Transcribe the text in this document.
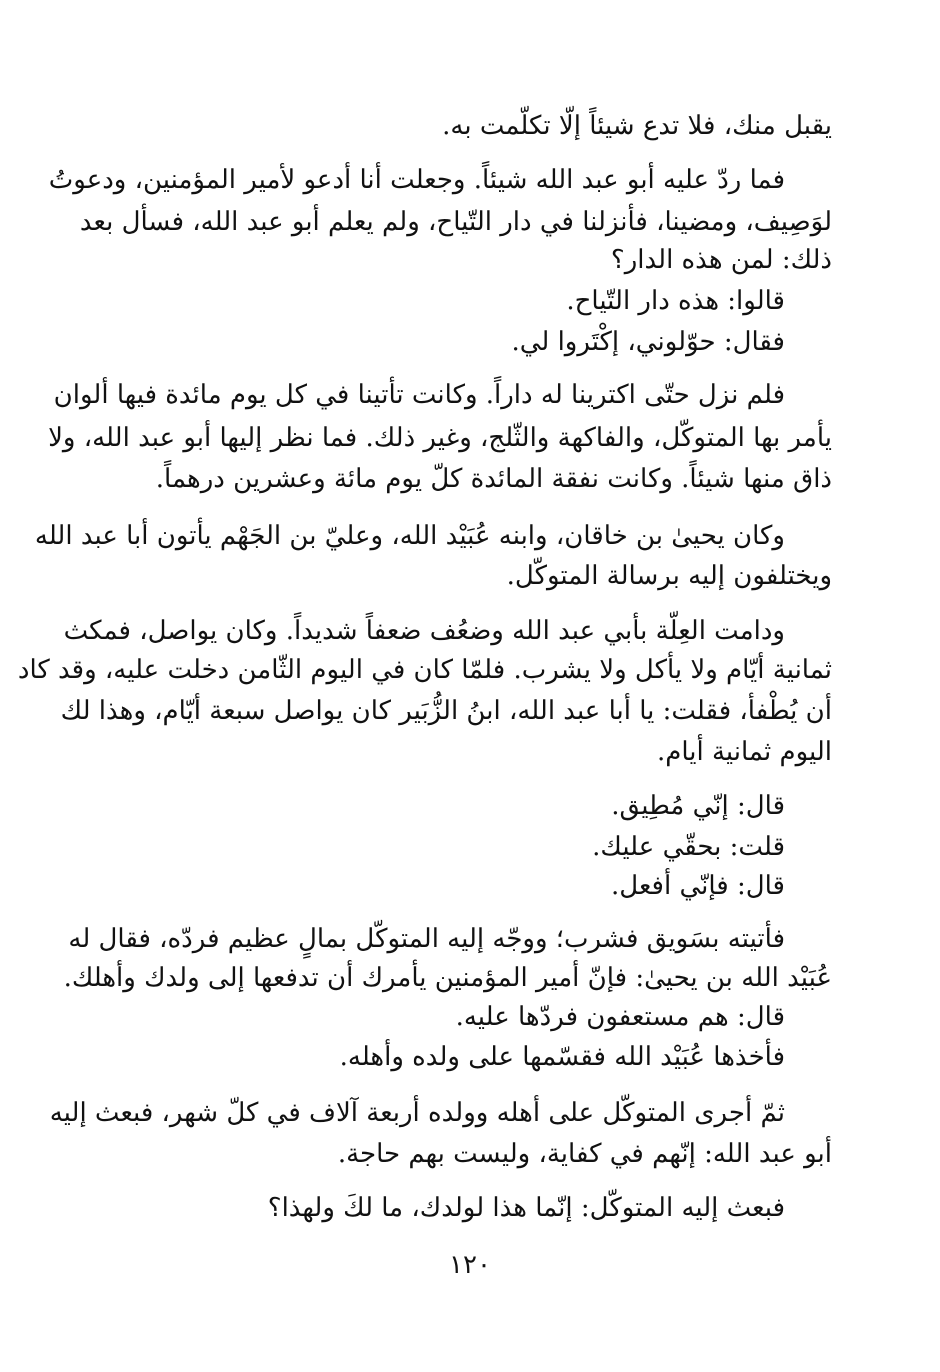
يقبل منك، فلا تدع شيئاً إلّا تكلّمت به.
فما ردّ عليه أبو عبد الله شيئاً. وجعلت أنا أدعو لأمير المؤمنين، ودعوتُ
لوَصِيف، ومضينا، فأنزلنا في دار التّياح، ولم يعلم أبو عبد الله، فسأل بعد
ذلك: لمن هذه الدار؟
قالوا: هذه دار التّياح.
فقال: حوّلوني، إكْتَروا لي.
فلم نزل حتّى اكترينا له داراً. وكانت تأتينا في كل يوم مائدة فيها ألوان
يأمر بها المتوكّل، والفاكهة والثّلج، وغير ذلك. فما نظر إليها أبو عبد الله، ولا
ذاق منها شيئاً. وكانت نفقة المائدة كلّ يوم مائة وعشرين درهماً.
وكان يحيىٰ بن خاقان، وابنه عُبَيْد الله، وعليّ بن الجَهْم يأتون أبا عبد الله
ويختلفون إليه برسالة المتوكّل.
ودامت العِلّة بأبي عبد الله وضعُف ضعفاً شديداً. وكان يواصل، فمكث
ثمانية أيّام ولا يأكل ولا يشرب. فلمّا كان في اليوم الثّامن دخلت عليه، وقد كاد
أن يُطْفأ، فقلت: يا أبا عبد الله، ابنُ الزُّبَير كان يواصل سبعة أيّام، وهذا لك
اليوم ثمانية أيام.
قال: إنّي مُطِيق.
قلت: بحقّي عليك.
قال: فإنّي أفعل.
فأتيته بسَويق فشرب؛ ووجّه إليه المتوكّل بمالٍ عظيم فردّه، فقال له
عُبَيْد الله بن يحيىٰ: فإنّ أمير المؤمنين يأمرك أن تدفعها إلى ولدك وأهلك.
قال: هم مستعفون فردّها عليه.
فأخذها عُبَيْد الله فقسّمها على ولده وأهله.
ثمّ أجرى المتوكّل على أهله وولده أربعة آلاف في كلّ شهر، فبعث إليه
أبو عبد الله: إنّهم في كفاية، وليست بهم حاجة.
فبعث إليه المتوكّل: إنّما هذا لولدك، ما لكَ ولهذا؟
١٢٠
